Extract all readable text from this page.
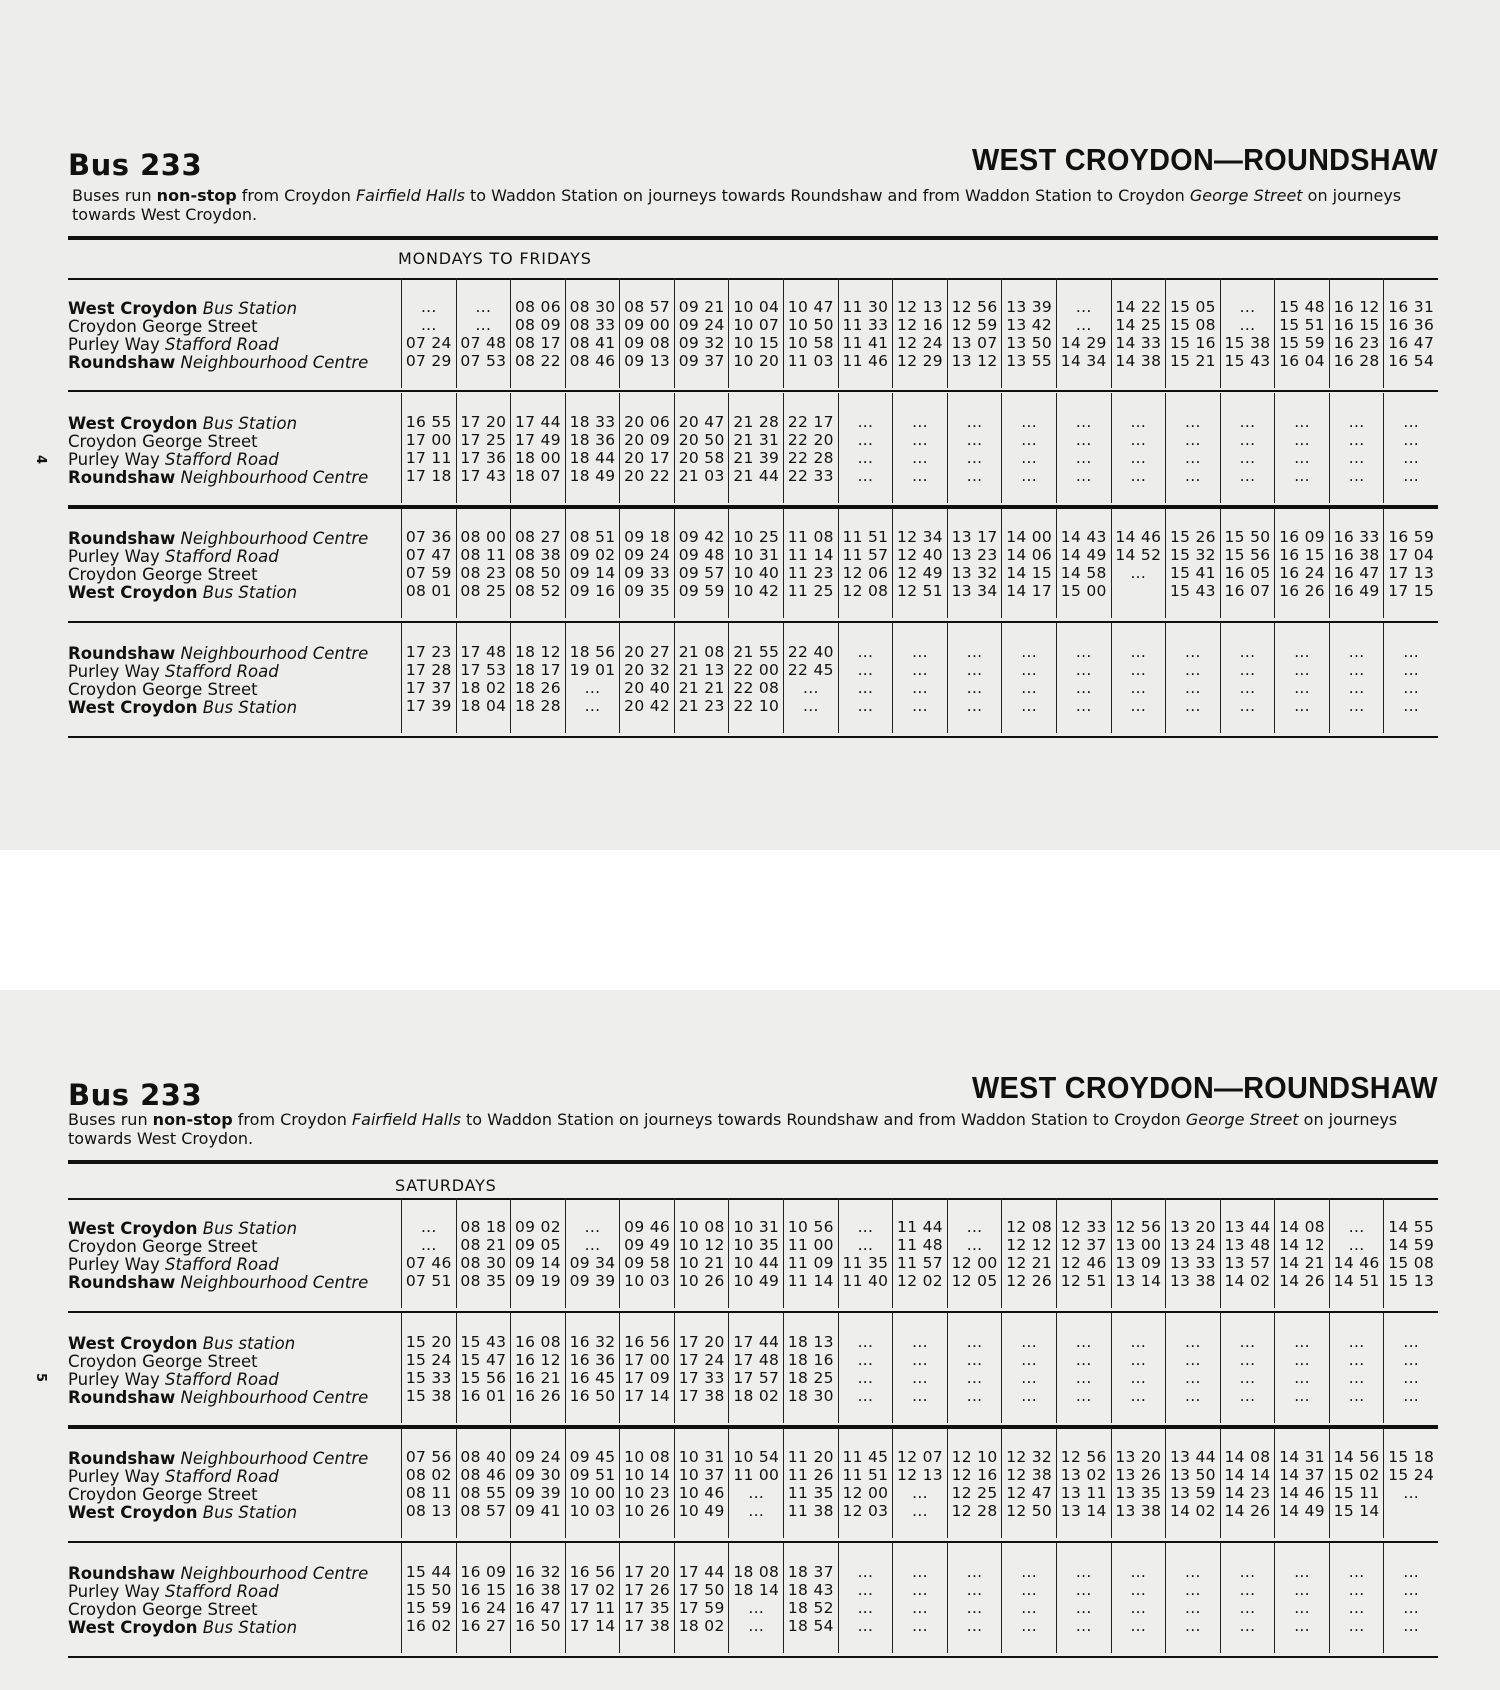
Bus 233	WEST CROYDON—ROUNDSHAW
Buses run non-stop from Croydon Fairfield Halls to Waddon Station on journeys towards Roundshaw and from Waddon Station to Croydon George Street on journeys towards West Croydon.
MONDAYS TO FRIDAYS
West Croydon Bus Station
Croydon George Street
Purley Way Stafford Road
Roundshaw Neighbourhood Centre
...
...
07 24
07 29
...
...
07 48
07 53
08 06
08 09
08 17
08 22
08 30
08 33
08 41
08 46
08 57
09 00
09 08
09 13
09 21
09 24
09 32
09 37
10 04
10 07
10 15
10 20
10 47
10 50
10 58
11 03
11 30
11 33
11 41
11 46
12 13
12 16
12 24
12 29
12 56
12 59
13 07
13 12
13 39
13 42
13 50
13 55
...
...
14 29
14 34
14 22
14 25
14 33
14 38
15 05
15 08
15 16
15 21
...
...
15 38
15 43
15 48
15 51
15 59
16 04
16 12
16 15
16 23
16 28
16 31
16 36
16 47
16 54
West Croydon Bus Station
Croydon George Street
Purley Way Stafford Road
Roundshaw Neighbourhood Centre
16 55
17 00
17 11
17 18
17 20
17 25
17 36
17 43
17 44
17 49
18 00
18 07
18 33
18 36
18 44
18 49
20 06
20 09
20 17
20 22
20 47
20 50
20 58
21 03
21 28
21 31
21 39
21 44
22 17
22 20
22 28
22 33
...
...
...
...
...
...
...
...
...
...
...
...
...
...
...
...
...
...
...
...
...
...
...
...
...
...
...
...
...
...
...
...
...
...
...
...
...
...
...
...
...
...
...
...
Roundshaw Neighbourhood Centre
Purley Way Stafford Road
Croydon George Street
West Croydon Bus Station
07 36
07 47
07 59
08 01
08 00
08 11
08 23
08 25
08 27
08 38
08 50
08 52
08 51
09 02
09 14
09 16
09 18
09 24
09 33
09 35
09 42
09 48
09 57
09 59
10 25
10 31
10 40
10 42
11 08
11 14
11 23
11 25
11 51
11 57
12 06
12 08
12 34
12 40
12 49
12 51
13 17
13 23
13 32
13 34
14 00
14 06
14 15
14 17
14 43
14 49
14 58
15 00
14 46
14 52
...
15 26
15 32
15 41
15 43
15 50
15 56
16 05
16 07
16 09
16 15
16 24
16 26
16 33
16 38
16 47
16 49
16 59
17 04
17 13
17 15
Roundshaw Neighbourhood Centre
Purley Way Stafford Road
Croydon George Street
West Croydon Bus Station
17 23
17 28
17 37
17 39
17 48
17 53
18 02
18 04
18 12
18 17
18 26
18 28
18 56
19 01
...
...
20 27
20 32
20 40
20 42
21 08
21 13
21 21
21 23
21 55
22 00
22 08
22 10
22 40
22 45
...
...
...
...
...
...
...
...
...
...
...
...
...
...
...
...
...
...
...
...
...
...
...
...
...
...
...
...
...
...
...
...
...
...
...
...
...
...
...
...
...
...
...
...
...
...
4
Bus 233	WEST CROYDON—ROUNDSHAW
Buses run non-stop from Croydon Fairfield Halls to Waddon Station on journeys towards Roundshaw and from Waddon Station to Croydon George Street on journeys towards West Croydon.
SATURDAYS
West Croydon Bus Station
Croydon George Street
Purley Way Stafford Road
Roundshaw Neighbourhood Centre
...
...
07 46
07 51
08 18
08 21
08 30
08 35
09 02
09 05
09 14
09 19
...
...
09 34
09 39
09 46
09 49
09 58
10 03
10 08
10 12
10 21
10 26
10 31
10 35
10 44
10 49
10 56
11 00
11 09
11 14
...
...
11 35
11 40
11 44
11 48
11 57
12 02
...
...
12 00
12 05
12 08
12 12
12 21
12 26
12 33
12 37
12 46
12 51
12 56
13 00
13 09
13 14
13 20
13 24
13 33
13 38
13 44
13 48
13 57
14 02
14 08
14 12
14 21
14 26
...
...
14 46
14 51
14 55
14 59
15 08
15 13
West Croydon Bus station
Croydon George Street
Purley Way Stafford Road
Roundshaw Neighbourhood Centre
15 20
15 24
15 33
15 38
15 43
15 47
15 56
16 01
16 08
16 12
16 21
16 26
16 32
16 36
16 45
16 50
16 56
17 00
17 09
17 14
17 20
17 24
17 33
17 38
17 44
17 48
17 57
18 02
18 13
18 16
18 25
18 30
...
...
...
...
...
...
...
...
...
...
...
...
...
...
...
...
...
...
...
...
...
...
...
...
...
...
...
...
...
...
...
...
...
...
...
...
...
...
...
...
...
...
...
...
Roundshaw Neighbourhood Centre
Purley Way Stafford Road
Croydon George Street
West Croydon Bus Station
07 56
08 02
08 11
08 13
08 40
08 46
08 55
08 57
09 24
09 30
09 39
09 41
09 45
09 51
10 00
10 03
10 08
10 14
10 23
10 26
10 31
10 37
10 46
10 49
10 54
11 00
...
...
11 20
11 26
11 35
11 38
11 45
11 51
12 00
12 03
12 07
12 13
...
...
12 10
12 16
12 25
12 28
12 32
12 38
12 47
12 50
12 56
13 02
13 11
13 14
13 20
13 26
13 35
13 38
13 44
13 50
13 59
14 02
14 08
14 14
14 23
14 26
14 31
14 37
14 46
14 49
14 56
15 02
15 11
15 14
15 18
15 24
...
Roundshaw Neighbourhood Centre
Purley Way Stafford Road
Croydon George Street
West Croydon Bus Station
15 44
15 50
15 59
16 02
16 09
16 15
16 24
16 27
16 32
16 38
16 47
16 50
16 56
17 02
17 11
17 14
17 20
17 26
17 35
17 38
17 44
17 50
17 59
18 02
18 08
18 14
...
...
18 37
18 43
18 52
18 54
...
...
...
...
...
...
...
...
...
...
...
...
...
...
...
...
...
...
...
...
...
...
...
...
...
...
...
...
...
...
...
...
...
...
...
...
...
...
...
...
...
...
...
...
5
